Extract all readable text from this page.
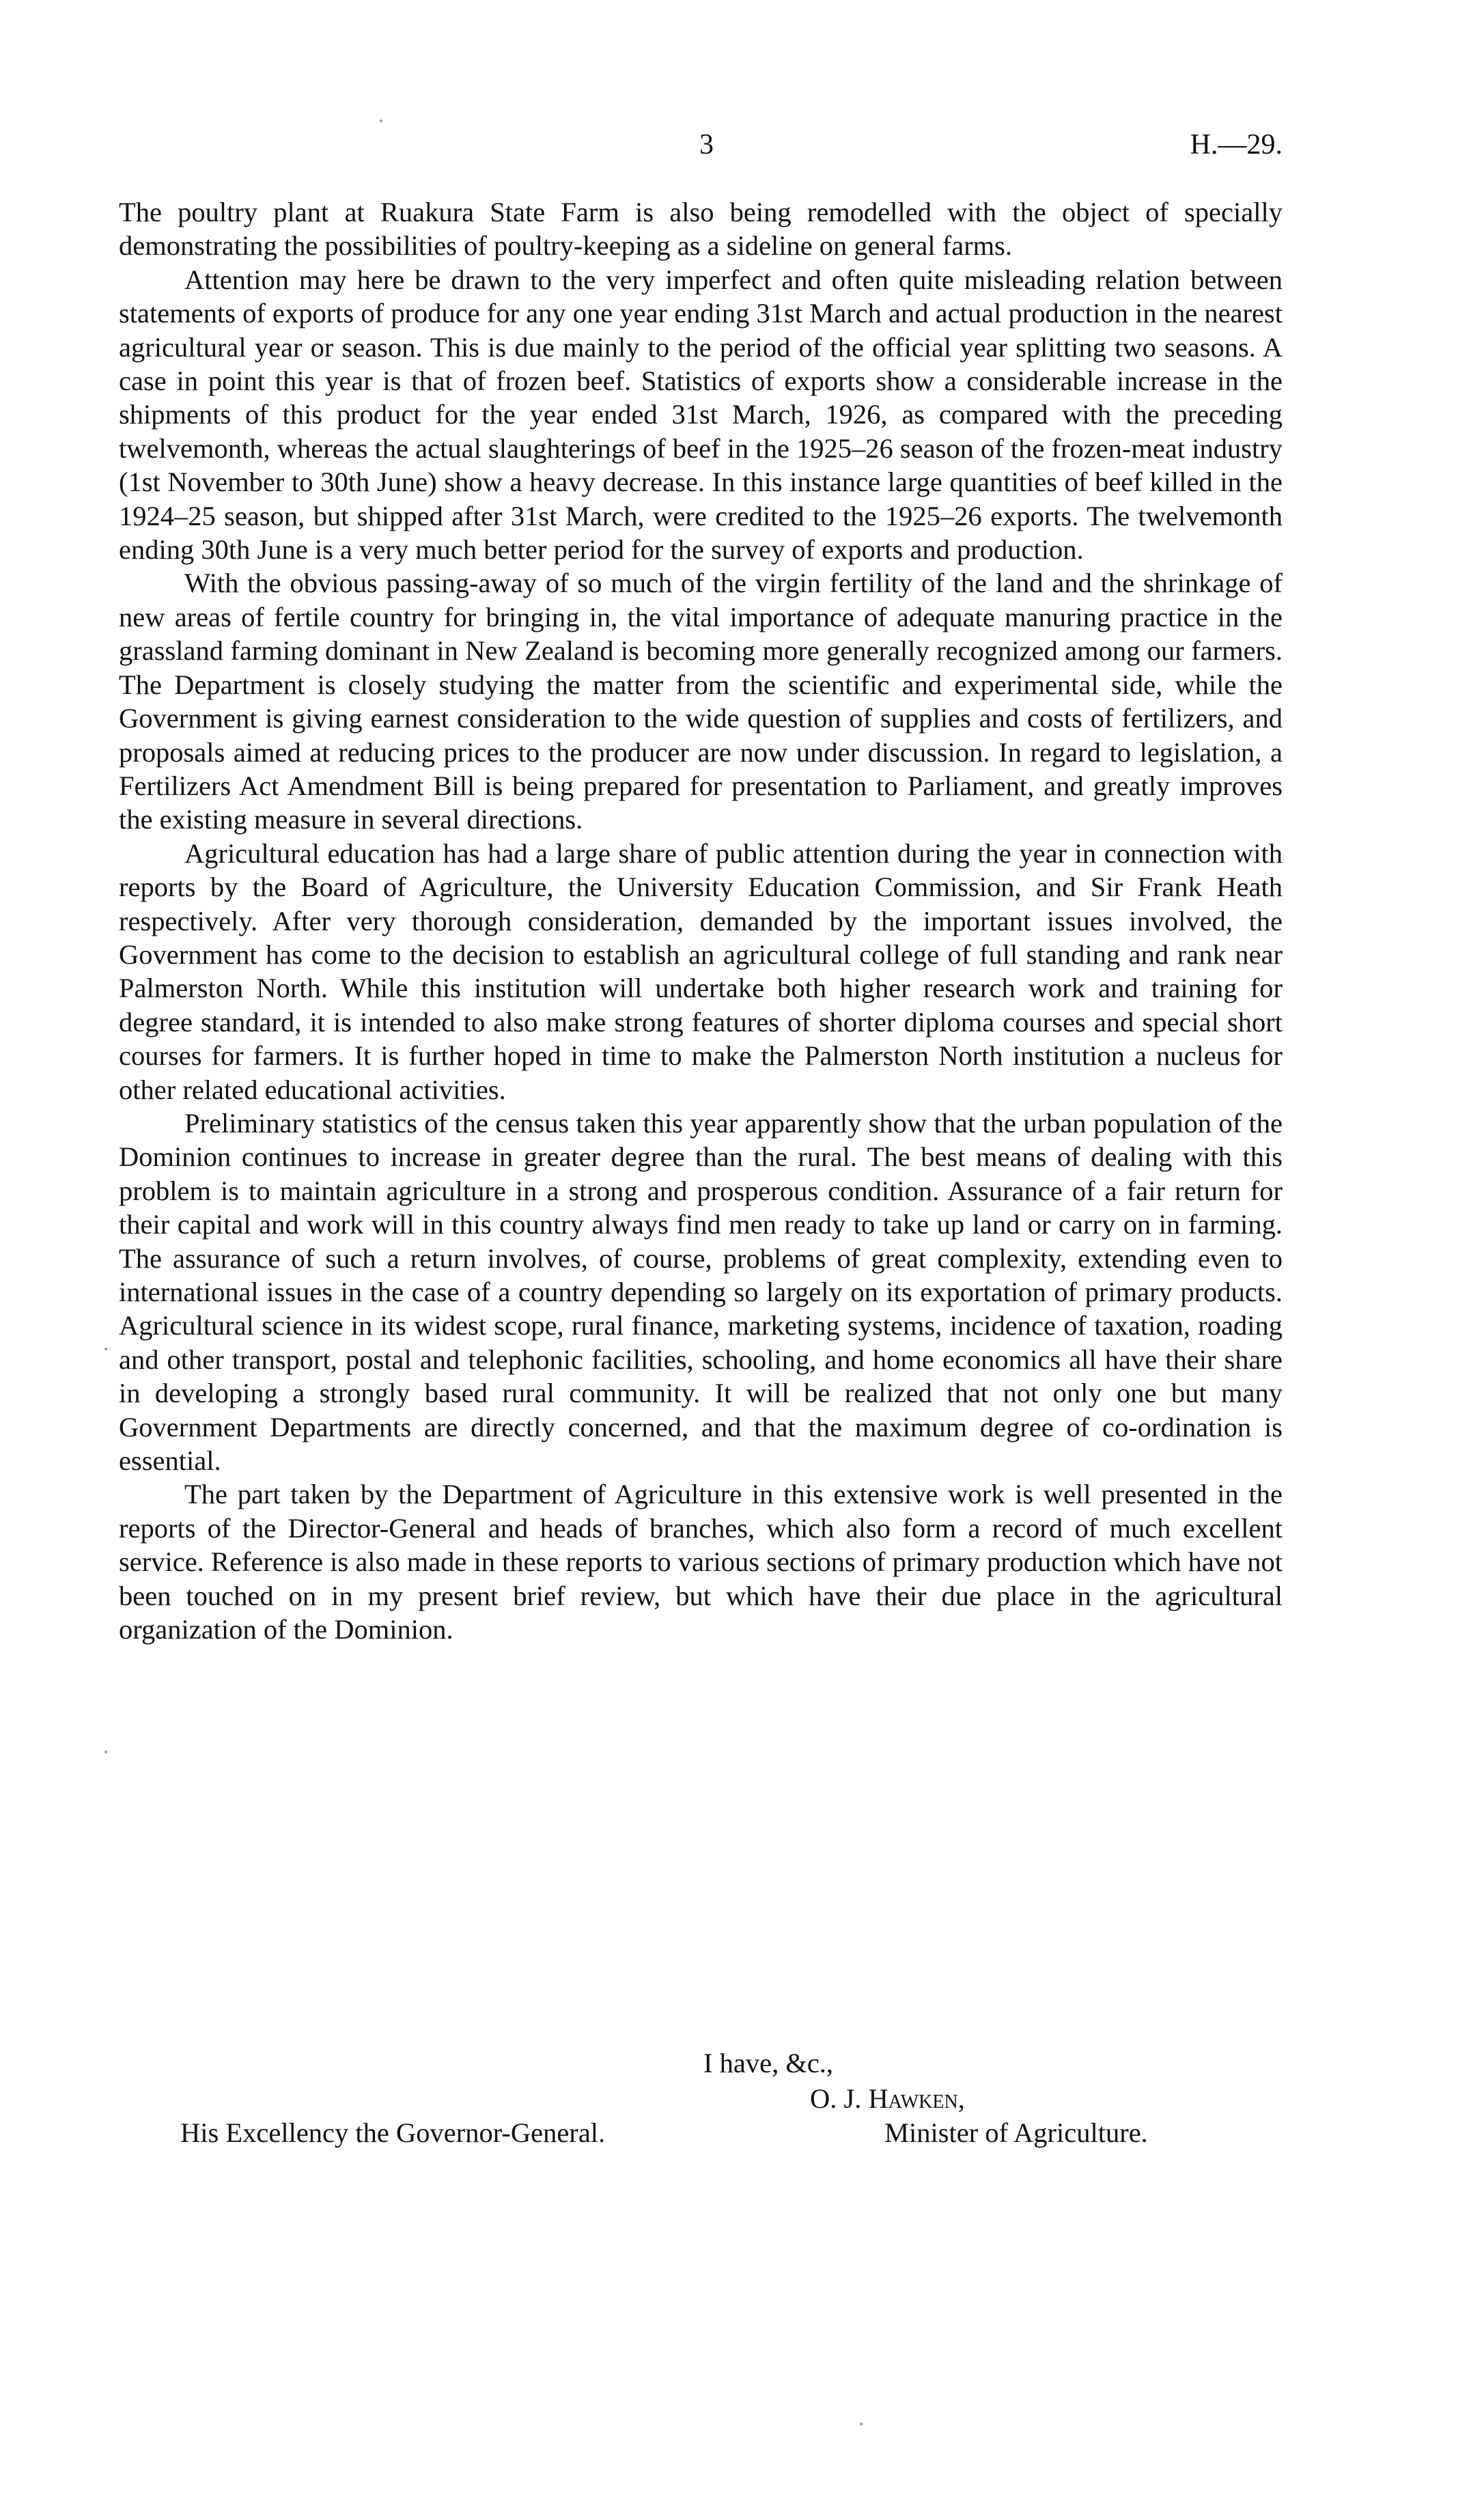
3	H.—29.

The poultry plant at Ruakura State Farm is also being remodelled with the object of specially demonstrating the possibilities of poultry-keeping as a sideline on general farms.

Attention may here be drawn to the very imperfect and often quite misleading relation between statements of exports of produce for any one year ending 31st March and actual production in the nearest agricultural year or season. This is due mainly to the period of the official year splitting two seasons. A case in point this year is that of frozen beef. Statistics of exports show a considerable increase in the shipments of this product for the year ended 31st March, 1926, as compared with the preceding twelvemonth, whereas the actual slaughterings of beef in the 1925–26 season of the frozen-meat industry (1st November to 30th June) show a heavy decrease. In this instance large quantities of beef killed in the 1924–25 season, but shipped after 31st March, were credited to the 1925–26 exports. The twelvemonth ending 30th June is a very much better period for the survey of exports and production.

With the obvious passing-away of so much of the virgin fertility of the land and the shrinkage of new areas of fertile country for bringing in, the vital importance of adequate manuring practice in the grassland farming dominant in New Zealand is becoming more generally recognized among our farmers. The Department is closely studying the matter from the scientific and experimental side, while the Government is giving earnest consideration to the wide question of supplies and costs of fertilizers, and proposals aimed at reducing prices to the producer are now under discussion. In regard to legislation, a Fertilizers Act Amendment Bill is being prepared for presentation to Parliament, and greatly improves the existing measure in several directions.

Agricultural education has had a large share of public attention during the year in connection with reports by the Board of Agriculture, the University Education Commission, and Sir Frank Heath respectively. After very thorough consideration, demanded by the important issues involved, the Government has come to the decision to establish an agricultural college of full standing and rank near Palmerston North. While this institution will undertake both higher research work and training for degree standard, it is intended to also make strong features of shorter diploma courses and special short courses for farmers. It is further hoped in time to make the Palmerston North institution a nucleus for other related educational activities.

Preliminary statistics of the census taken this year apparently show that the urban population of the Dominion continues to increase in greater degree than the rural. The best means of dealing with this problem is to maintain agriculture in a strong and prosperous condition. Assurance of a fair return for their capital and work will in this country always find men ready to take up land or carry on in farming. The assurance of such a return involves, of course, problems of great complexity, extending even to international issues in the case of a country depending so largely on its exportation of primary products. Agricultural science in its widest scope, rural finance, marketing systems, incidence of taxation, roading and other transport, postal and telephonic facilities, schooling, and home economics all have their share in developing a strongly based rural community. It will be realized that not only one but many Government Departments are directly concerned, and that the maximum degree of co-ordination is essential.

The part taken by the Department of Agriculture in this extensive work is well presented in the reports of the Director-General and heads of branches, which also form a record of much excellent service. Reference is also made in these reports to various sections of primary production which have not been touched on in my present brief review, but which have their due place in the agricultural organization of the Dominion.

I have, &c.,
O. J. Hawken,
His Excellency the Governor-General.	Minister of Agriculture.
